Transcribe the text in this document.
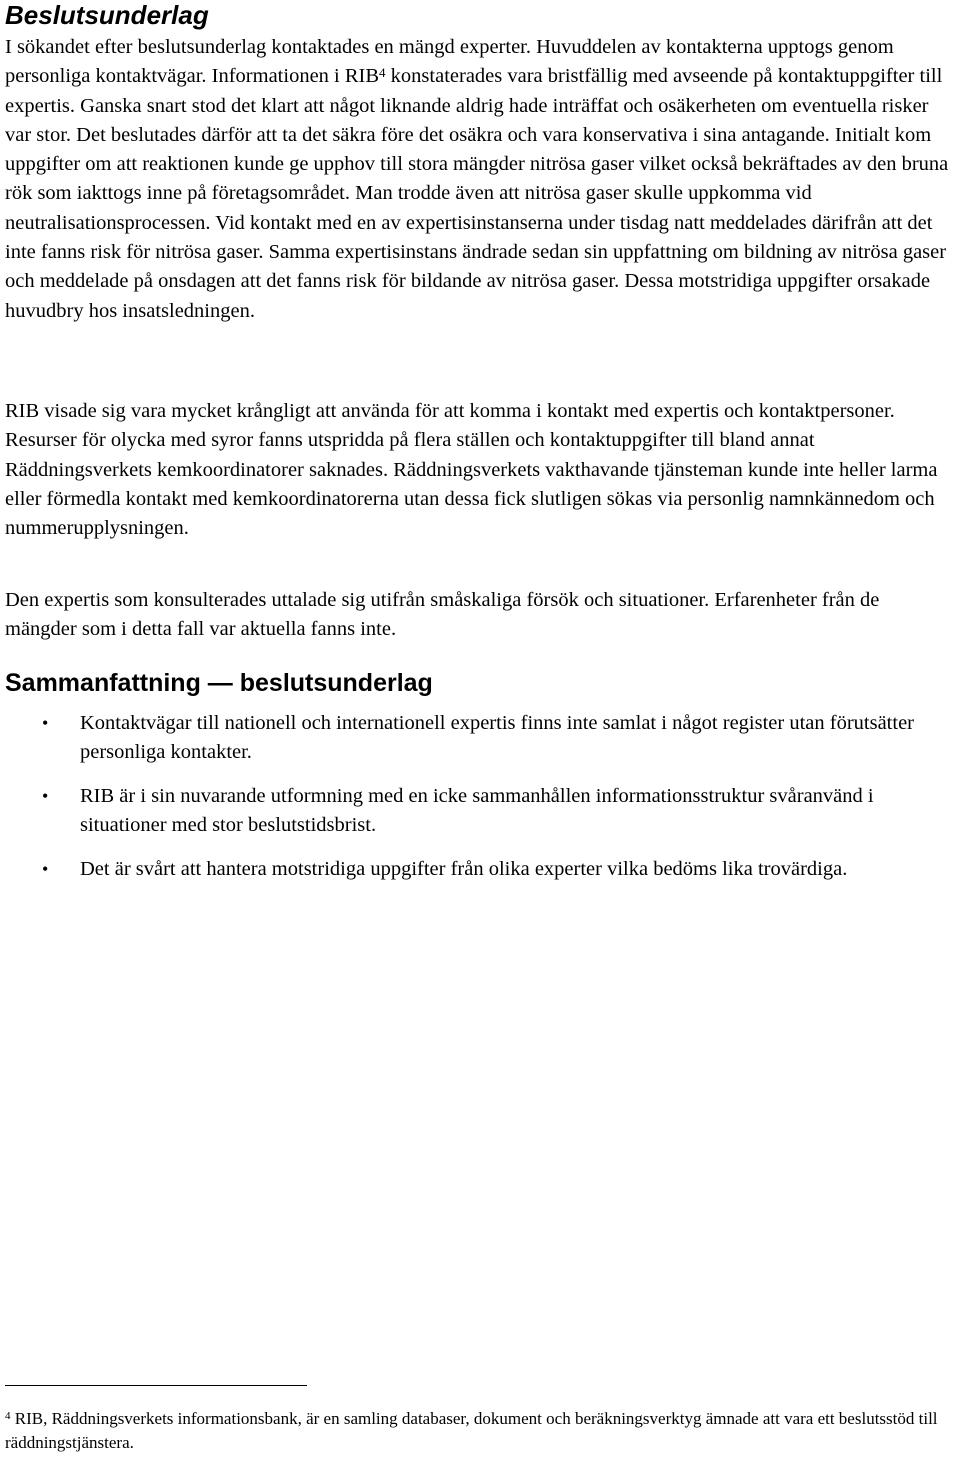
Beslutsunderlag

I sökandet efter beslutsunderlag kontaktades en mängd experter. Huvuddelen av kontakterna upptogs genom personliga kontaktvägar. Informationen i RIB$^4$ konstaterades vara bristfällig med avseende på kontaktuppgifter till expertis. Ganska snart stod det klart att något liknande aldrig hade inträffat och osäkerheten om eventuella risker var stor. Det beslutades därför att ta det säkra före det osäkra och vara konservativa i sina antagande. Initialt kom uppgifter om att reaktionen kunde ge upphov till stora mängder nitrösa gaser vilket också bekräftades av den bruna rök som iakttogs inne på företagsområdet. Man trodde även att nitrösa gaser skulle uppkomma vid neutralisationsprocessen. Vid kontakt med en av expertisinstanserna under tisdag natt meddelades därifrån att det inte fanns risk för nitrösa gaser. Samma expertisinstans ändrade sedan sin uppfattning om bildning av nitrösa gaser och meddelade på onsdagen att det fanns risk för bildande av nitrösa gaser. Dessa motstridiga uppgifter orsakade huvudbry hos insatsledningen.

RIB visade sig vara mycket krångligt att använda för att komma i kontakt med expertis och kontaktpersoner. Resurser för olycka med syror fanns utspridda på flera ställen och kontaktuppgifter till bland annat Räddningsverkets kemkoordinatorer saknades. Räddningsverkets vakthavande tjänsteman kunde inte heller larma eller förmedla kontakt med kemkoordinatorerna utan dessa fick slutligen sökas via personlig namnkännedom och nummerupplysningen.

Den expertis som konsulterades uttalade sig utifrån småskaliga försök och situationer. Erfarenheter från de mängder som i detta fall var aktuella fanns inte.

Sammanfattning — beslutsunderlag
• Kontaktvägar till nationell och internationell expertis finns inte samlat i något register utan förutsätter personliga kontakter.
• RIB är i sin nuvarande utformning med en icke sammanhållen informationsstruktur svåranvänd i situationer med stor beslutstidsbrist.
• Det är svårt att hantera motstridiga uppgifter från olika experter vilka bedöms lika trovärdiga.

$^4$ RIB, Räddningsverkets informationsbank, är en samling databaser, dokument och beräkningsverktyg ämnade att vara ett beslutsstöd till räddningstjänstera.
